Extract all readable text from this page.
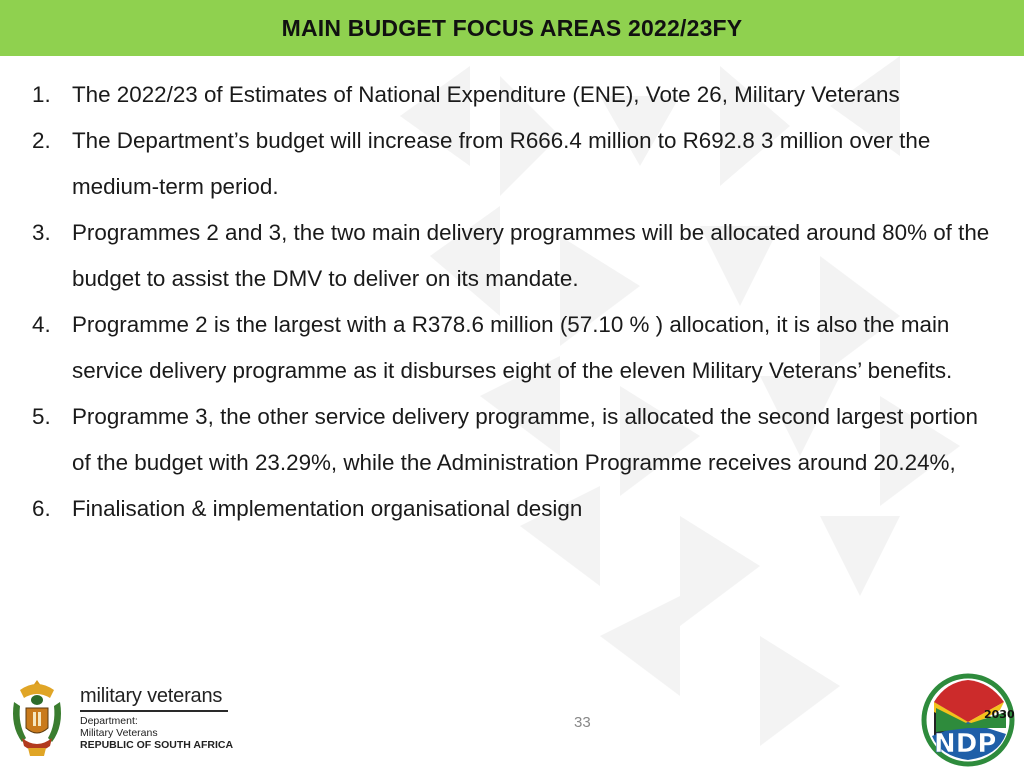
MAIN BUDGET FOCUS AREAS 2022/23FY
1. The 2022/23 of Estimates of National Expenditure (ENE), Vote 26, Military Veterans
2. The Department’s budget will increase from R666.4 million to R692.8 3 million over the medium-term period.
3. Programmes 2 and 3, the two main delivery programmes will be allocated around 80% of the budget to assist the DMV to deliver on its mandate.
4. Programme 2 is the largest with a R378.6 million (57.10 % ) allocation, it is also the main service delivery programme as it disburses eight of the eleven Military Veterans’ benefits.
5. Programme 3, the other service delivery programme, is allocated the second largest portion of the budget with 23.29%, while the Administration Programme receives around 20.24%,
6. Finalisation & implementation organisational design
military veterans
Department:
Military Veterans
REPUBLIC OF SOUTH AFRICA
33	2030
NDP
